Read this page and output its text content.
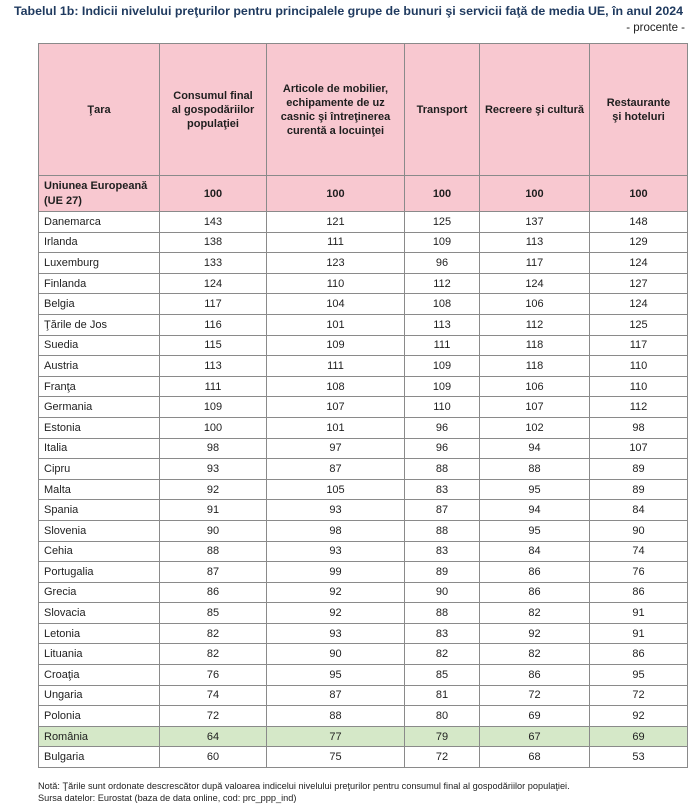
Tabelul 1b: Indicii nivelului preţurilor pentru principalele grupe de bunuri şi servicii faţă de media UE, în anul 2024
- procente -
Ţara	Consumul final al gospodăriilor populaţiei	Articole de mobilier, echipamente de uz casnic şi întreţinerea curentă a locuinţei	Transport	Recreere şi cultură	Restaurante şi hoteluri
Uniunea Europeană (UE 27)	100	100	100	100	100
Danemarca	143	121	125	137	148
Irlanda	138	111	109	113	129
Luxemburg	133	123	96	117	124
Finlanda	124	110	112	124	127
Belgia	117	104	108	106	124
Ţările de Jos	116	101	113	112	125
Suedia	115	109	111	118	117
Austria	113	111	109	118	110
Franţa	111	108	109	106	110
Germania	109	107	110	107	112
Estonia	100	101	96	102	98
Italia	98	97	96	94	107
Cipru	93	87	88	88	89
Malta	92	105	83	95	89
Spania	91	93	87	94	84
Slovenia	90	98	88	95	90
Cehia	88	93	83	84	74
Portugalia	87	99	89	86	76
Grecia	86	92	90	86	86
Slovacia	85	92	88	82	91
Letonia	82	93	83	92	91
Lituania	82	90	82	82	86
Croaţia	76	95	85	86	95
Ungaria	74	87	81	72	72
Polonia	72	88	80	69	92
România	64	77	79	67	69
Bulgaria	60	75	72	68	53
Notă: Ţările sunt ordonate descrescător după valoarea indicelui nivelului preţurilor pentru consumul final al gospodăriilor populaţiei.
Sursa datelor: Eurostat (baza de data online, cod: prc_ppp_ind)
